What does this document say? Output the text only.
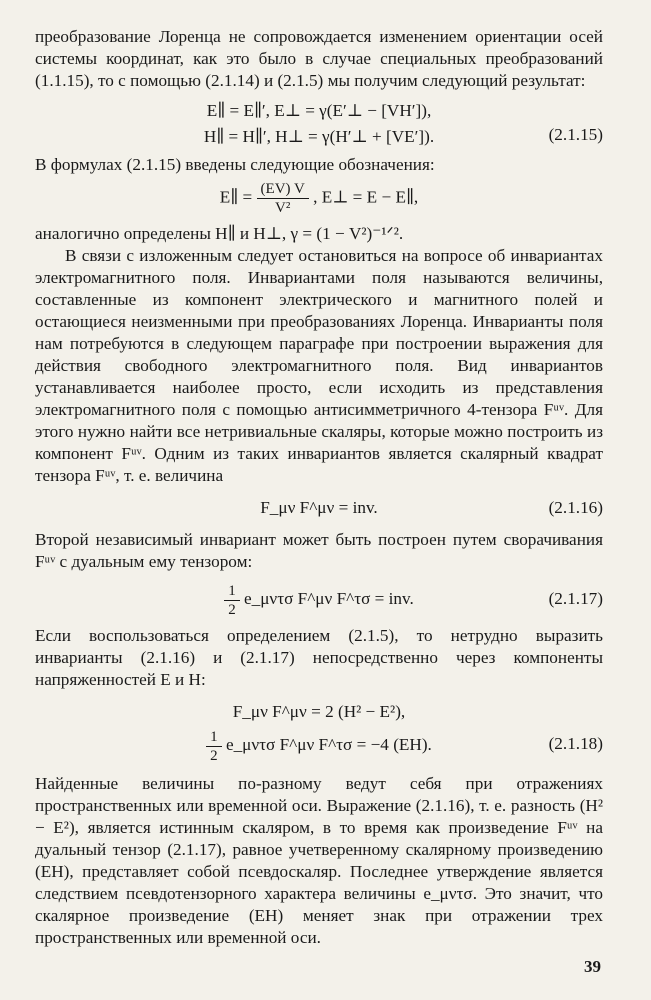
преобразование Лоренца не сопровождается изменением ориентации осей системы координат, как это было в случае специальных преобразований (1.1.15), то с помощью (2.1.14) и (2.1.5) мы получим следующий результат:

E∥ = E∥′, E⊥ = γ(E′⊥ − [VH′]),
H∥ = H∥′, H⊥ = γ(H′⊥ + [VE′]).	(2.1.15)

В формулах (2.1.15) введены следующие обозначения:

E∥ = $\frac{(EV) V}{\text{V²}}$ , E⊥ = E − E∥,

аналогично определены H∥ и H⊥, γ = (1 − V²)⁻¹ᐟ².

В связи с изложенным следует остановиться на вопросе об инвариантах электромагнитного поля. Инвариантами поля называются величины, составленные из компонент электрического и магнитного полей и остающиеся неизменными при преобразованиях Лоренца. Инварианты поля нам потребуются в следующем параграфе при построении выражения для действия свободного электромагнитного поля. Вид инвариантов устанавливается наиболее просто, если исходить из представления электромагнитного поля с помощью антисимметричного 4-тензора Fᵘᵛ. Для этого нужно найти все нетривиальные скаляры, которые можно построить из компонент Fᵘᵛ. Одним из таких инвариантов является скалярный квадрат тензора Fᵘᵛ, т. е. величина

F_μν F^μν = inv.	(2.1.16)

Второй независимый инвариант может быть построен путем сворачивания Fᵘᵛ с дуальным ему тензором:

$\frac{1}{2}$ e_μντσ F^μν F^τσ = inv.	(2.1.17)

Если воспользоваться определением (2.1.5), то нетрудно выразить инварианты (2.1.16) и (2.1.17) непосредственно через компоненты напряженностей E и H:

F_μν F^μν = 2 (H² − E²),
$\frac{1}{2}$ e_μντσ F^μν F^τσ = −4 (EH).	(2.1.18)

Найденные величины по-разному ведут себя при отражениях пространственных или временной оси. Выражение (2.1.16), т. е. разность (H² − E²), является истинным скаляром, в то время как произведение Fᵘᵛ на дуальный тензор (2.1.17), равное учетверенному скалярному произведению (EH), представляет собой псевдоскаляр. Последнее утверждение является следствием псевдотензорного характера величины e_μντσ. Это значит, что скалярное произведение (EH) меняет знак при отражении трех пространственных или временной оси.

39
